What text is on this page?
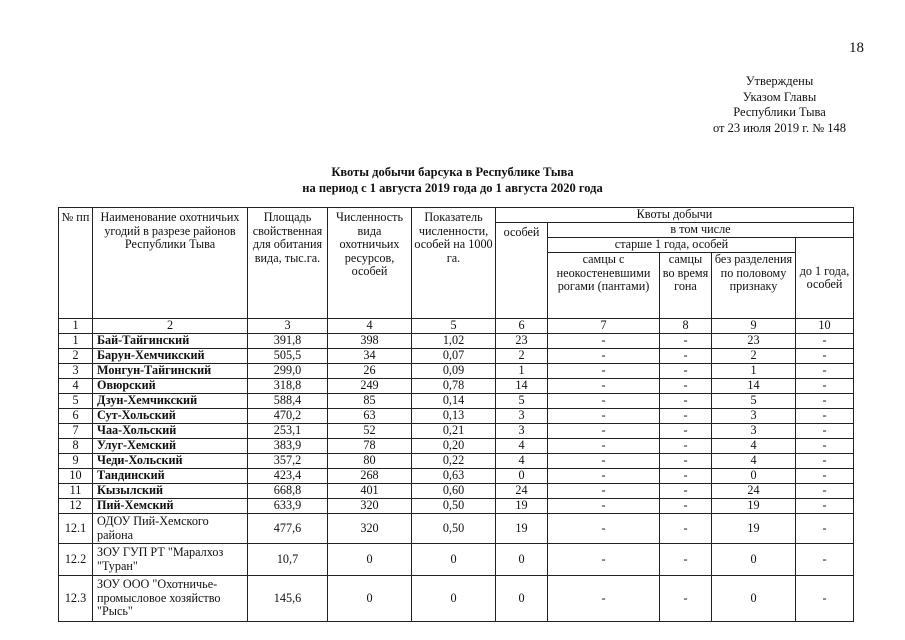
18
Утверждены
Указом Главы
Республики Тыва
от 23 июля 2019 г. № 148
Квоты добычи барсука в Республике Тыва
на период с 1 августа 2019 года до 1 августа 2020 года
№ пп	Наименование охотничьих угодий в разрезе районов Республики Тыва	Площадь свойственная для обитания вида, тыс.га.	Численность вида охотничьих ресурсов, особей	Показатель численности, особей на 1000 га.	Квоты добычи				
					особей	в том числе			
						старше 1 года, особей			до 1 года, особей
						самцы с неокостеневшими рогами (пантами)	самцы во время гона	без разделения по половому признаку	
1	2	3	4	5	6	7	8	9	10
1	Бай-Тайгинский	391,8	398	1,02	23	-	-	23	-
2	Барун-Хемчикский	505,5	34	0,07	2	-	-	2	-
3	Монгун-Тайгинский	299,0	26	0,09	1	-	-	1	-
4	Овюрский	318,8	249	0,78	14	-	-	14	-
5	Дзун-Хемчикский	588,4	85	0,14	5	-	-	5	-
6	Сут-Хольский	470,2	63	0,13	3	-	-	3	-
7	Чаа-Хольский	253,1	52	0,21	3	-	-	3	-
8	Улуг-Хемский	383,9	78	0,20	4	-	-	4	-
9	Чеди-Хольский	357,2	80	0,22	4	-	-	4	-
10	Тандинский	423,4	268	0,63	0	-	-	0	-
11	Кызылский	668,8	401	0,60	24	-	-	24	-
12	Пий-Хемский	633,9	320	0,50	19	-	-	19	-
12.1	ОДОУ Пий-Хемского района	477,6	320	0,50	19	-	-	19	-
12.2	ЗОУ ГУП РТ "Маралхоз "Туран"	10,7	0	0	0	-	-	0	-
12.3	ЗОУ ООО "Охотничье-промысловое хозяйство "Рысь"	145,6	0	0	0	-	-	0	-
